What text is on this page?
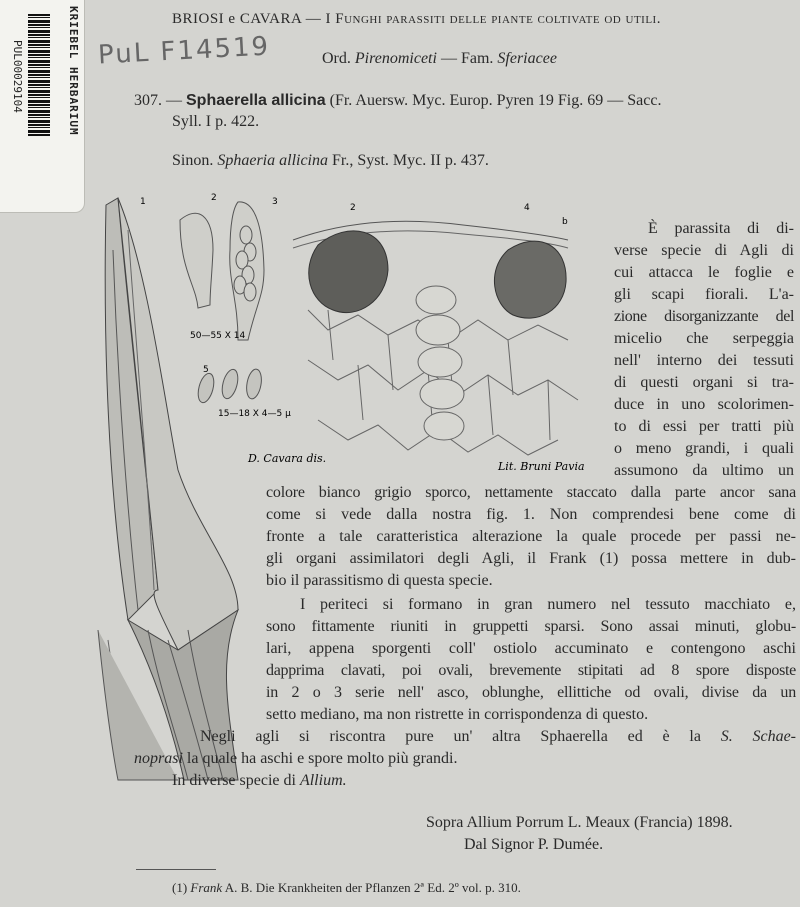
KRIEBEL HERBARIUM
PUL00029104	PuL F14519
BRIOSI e CAVARA — I Funghi parassiti delle piante coltivate od utili.
Ord. Pirenomiceti — Fam. Sferiacee
307. — Sphaerella allicina (Fr. Auersw. Myc. Europ. Pyren 19 Fig. 69 — Sacc.
Syll. I p. 422.
Sinon. Sphaeria allicina Fr., Syst. Myc. II p. 437.
1	2	3
2	4
5
b
50—55 X 14
15—18 X 4—5 μ
D. Cavara dis.
Lit. Bruni Pavia
È parassita di di-
verse specie di Agli di
cui attacca le foglie e
gli scapi fiorali. L'a-
zione disorganizzante del
micelio che serpeggia
nell' interno dei tessuti
di questi organi si tra-
duce in uno scolorimen-
to di essi per tratti più
o meno grandi, i quali
assumono da ultimo un
colore bianco grigio sporco, nettamente staccato dalla parte ancor sana
come si vede dalla nostra fig. 1. Non comprendesi bene come di
fronte a tale caratteristica alterazione la quale procede per passi ne-
gli organi assimilatori degli Agli, il Frank (1) possa mettere in dub-
bio il parassitismo di questa specie.
I periteci si formano in gran numero nel tessuto macchiato e,
sono fittamente riuniti in gruppetti sparsi. Sono assai minuti, globu-
lari, appena sporgenti coll' ostiolo accuminato e contengono aschi
dapprima clavati, poi ovali, brevemente stipitati ad 8 spore disposte
in 2 o 3 serie nell' asco, oblunghe, ellittiche od ovali, divise da un
setto mediano, ma non ristrette in corrispondenza di questo.
Negli agli si riscontra pure un' altra Sphaerella ed è la S. Schae-
noprasi la quale ha aschi e spore molto più grandi.
In diverse specie di Allium.
Sopra Allium Porrum L. Meaux (Francia) 1898.
Dal Signor P. Dumée.
(1) Frank A. B. Die Krankheiten der Pflanzen 2ª Ed. 2º vol. p. 310.
